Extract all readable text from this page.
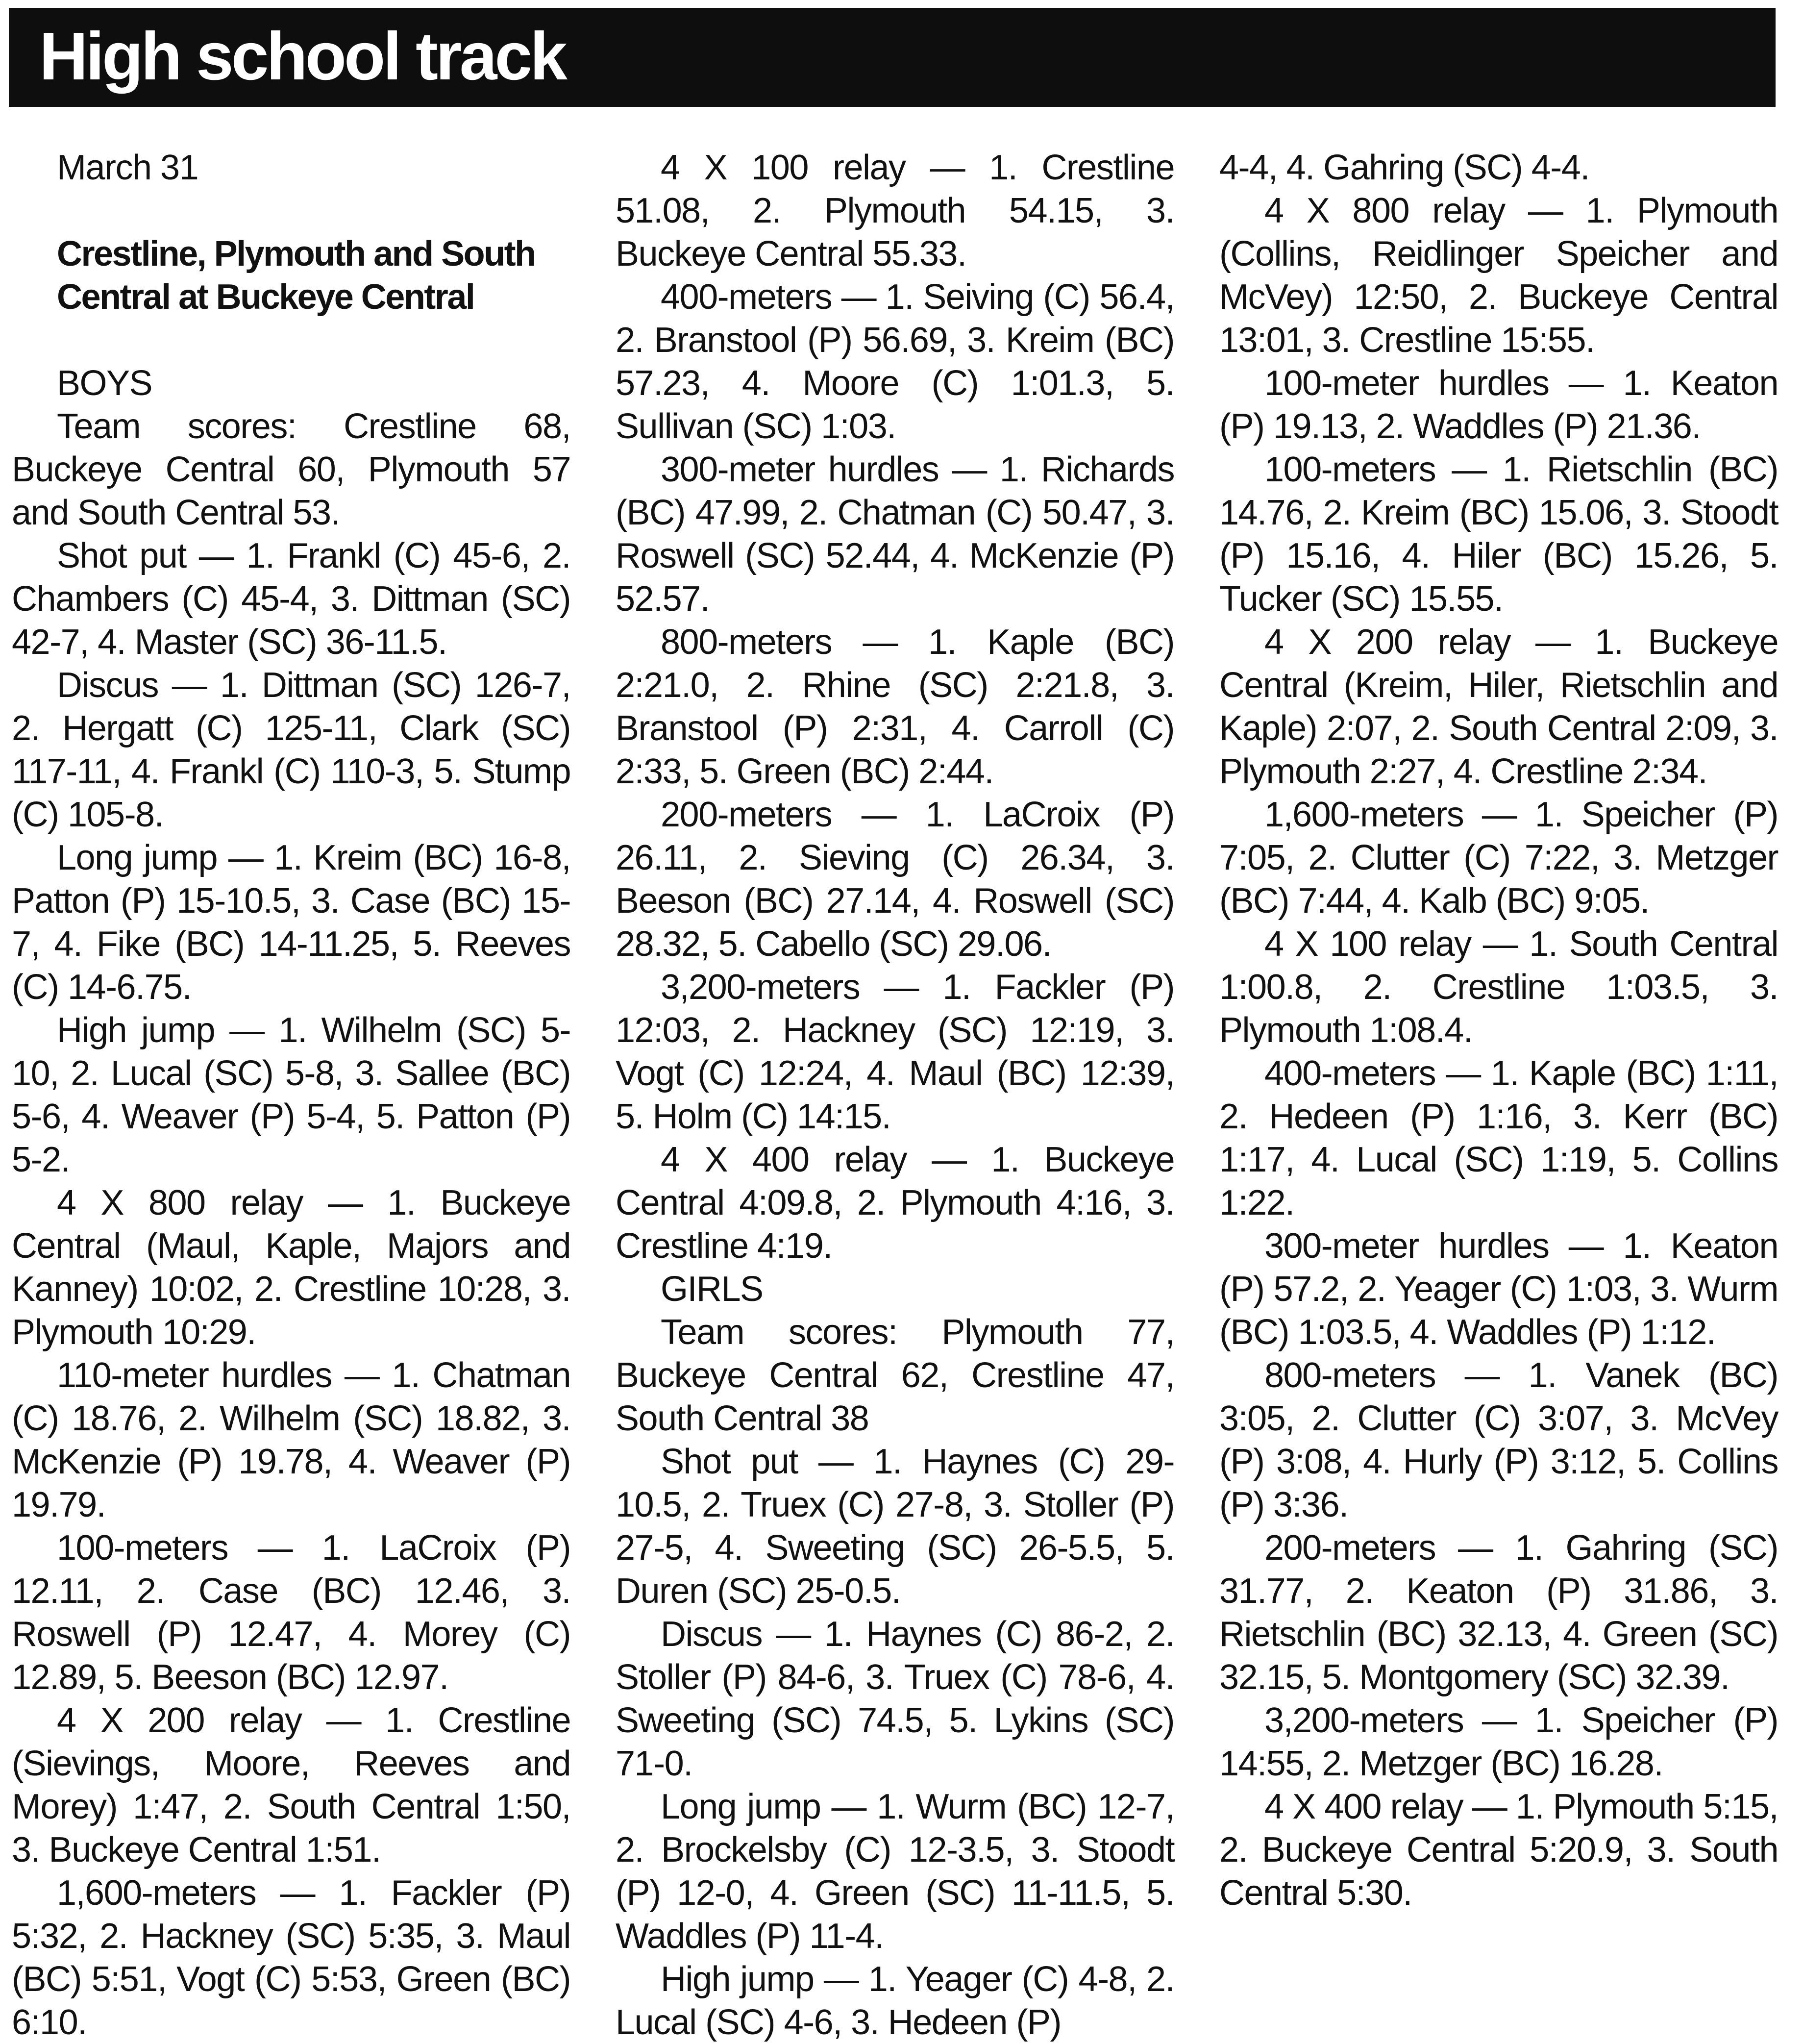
High school track

March 31

Crestline, Plymouth and South Central at Buckeye Central

BOYS

Team scores: Crestline 68, Buckeye Central 60, Plymouth 57 and South Central 53.

Shot put — 1. Frankl (C) 45-6, 2. Chambers (C) 45-4, 3. Dittman (SC) 42-7, 4. Master (SC) 36-11.5.

Discus — 1. Dittman (SC) 126-7, 2. Hergatt (C) 125-11, Clark (SC) 117-11, 4. Frankl (C) 110-3, 5. Stump (C) 105-8.

Long jump — 1. Kreim (BC) 16-8, Patton (P) 15-10.5, 3. Case (BC) 15-7, 4. Fike (BC) 14-11.25, 5. Reeves (C) 14-6.75.

High jump — 1. Wilhelm (SC) 5-10, 2. Lucal (SC) 5-8, 3. Sallee (BC) 5-6, 4. Weaver (P) 5-4, 5. Patton (P) 5-2.

4 X 800 relay — 1. Buckeye Central (Maul, Kaple, Majors and Kanney) 10:02, 2. Crestline 10:28, 3. Plymouth 10:29.

110-meter hurdles — 1. Chatman (C) 18.76, 2. Wilhelm (SC) 18.82, 3. McKenzie (P) 19.78, 4. Weaver (P) 19.79.

100-meters — 1. LaCroix (P) 12.11, 2. Case (BC) 12.46, 3. Roswell (P) 12.47, 4. Morey (C) 12.89, 5. Beeson (BC) 12.97.

4 X 200 relay — 1. Crestline (Sievings, Moore, Reeves and Morey) 1:47, 2. South Central 1:50, 3. Buckeye Central 1:51.

1,600-meters — 1. Fackler (P) 5:32, 2. Hackney (SC) 5:35, 3. Maul (BC) 5:51, Vogt (C) 5:53, Green (BC) 6:10.

4 X 100 relay — 1. Crestline 51.08, 2. Plymouth 54.15, 3. Buckeye Central 55.33.

400-meters — 1. Seiving (C) 56.4, 2. Branstool (P) 56.69, 3. Kreim (BC) 57.23, 4. Moore (C) 1:01.3, 5. Sullivan (SC) 1:03.

300-meter hurdles — 1. Richards (BC) 47.99, 2. Chatman (C) 50.47, 3. Roswell (SC) 52.44, 4. McKenzie (P) 52.57.

800-meters — 1. Kaple (BC) 2:21.0, 2. Rhine (SC) 2:21.8, 3. Branstool (P) 2:31, 4. Carroll (C) 2:33, 5. Green (BC) 2:44.

200-meters — 1. LaCroix (P) 26.11, 2. Sieving (C) 26.34, 3. Beeson (BC) 27.14, 4. Roswell (SC) 28.32, 5. Cabello (SC) 29.06.

3,200-meters — 1. Fackler (P) 12:03, 2. Hackney (SC) 12:19, 3. Vogt (C) 12:24, 4. Maul (BC) 12:39, 5. Holm (C) 14:15.

4 X 400 relay — 1. Buckeye Central 4:09.8, 2. Plymouth 4:16, 3. Crestline 4:19.

GIRLS

Team scores: Plymouth 77, Buckeye Central 62, Crestline 47, South Central 38

Shot put — 1. Haynes (C) 29-10.5, 2. Truex (C) 27-8, 3. Stoller (P) 27-5, 4. Sweeting (SC) 26-5.5, 5. Duren (SC) 25-0.5.

Discus — 1. Haynes (C) 86-2, 2. Stoller (P) 84-6, 3. Truex (C) 78-6, 4. Sweeting (SC) 74.5, 5. Lykins (SC) 71-0.

Long jump — 1. Wurm (BC) 12-7, 2. Brockelsby (C) 12-3.5, 3. Stoodt (P) 12-0, 4. Green (SC) 11-11.5, 5. Waddles (P) 11-4.

High jump — 1. Yeager (C) 4-8, 2. Lucal (SC) 4-6, 3. Hedeen (P)

4-4, 4. Gahring (SC) 4-4.

4 X 800 relay — 1. Plymouth (Collins, Reidlinger Speicher and McVey) 12:50, 2. Buckeye Central 13:01, 3. Crestline 15:55.

100-meter hurdles — 1. Keaton (P) 19.13, 2. Waddles (P) 21.36.

100-meters — 1. Rietschlin (BC) 14.76, 2. Kreim (BC) 15.06, 3. Stoodt (P) 15.16, 4. Hiler (BC) 15.26, 5. Tucker (SC) 15.55.

4 X 200 relay — 1. Buckeye Central (Kreim, Hiler, Rietschlin and Kaple) 2:07, 2. South Central 2:09, 3. Plymouth 2:27, 4. Crestline 2:34.

1,600-meters — 1. Speicher (P) 7:05, 2. Clutter (C) 7:22, 3. Metzger (BC) 7:44, 4. Kalb (BC) 9:05.

4 X 100 relay — 1. South Central 1:00.8, 2. Crestline 1:03.5, 3. Plymouth 1:08.4.

400-meters — 1. Kaple (BC) 1:11, 2. Hedeen (P) 1:16, 3. Kerr (BC) 1:17, 4. Lucal (SC) 1:19, 5. Collins 1:22.

300-meter hurdles — 1. Keaton (P) 57.2, 2. Yeager (C) 1:03, 3. Wurm (BC) 1:03.5, 4. Waddles (P) 1:12.

800-meters — 1. Vanek (BC) 3:05, 2. Clutter (C) 3:07, 3. McVey (P) 3:08, 4. Hurly (P) 3:12, 5. Collins (P) 3:36.

200-meters — 1. Gahring (SC) 31.77, 2. Keaton (P) 31.86, 3. Rietschlin (BC) 32.13, 4. Green (SC) 32.15, 5. Montgomery (SC) 32.39.

3,200-meters — 1. Speicher (P) 14:55, 2. Metzger (BC) 16.28.

4 X 400 relay — 1. Plymouth 5:15, 2. Buckeye Central 5:20.9, 3. South Central 5:30.
